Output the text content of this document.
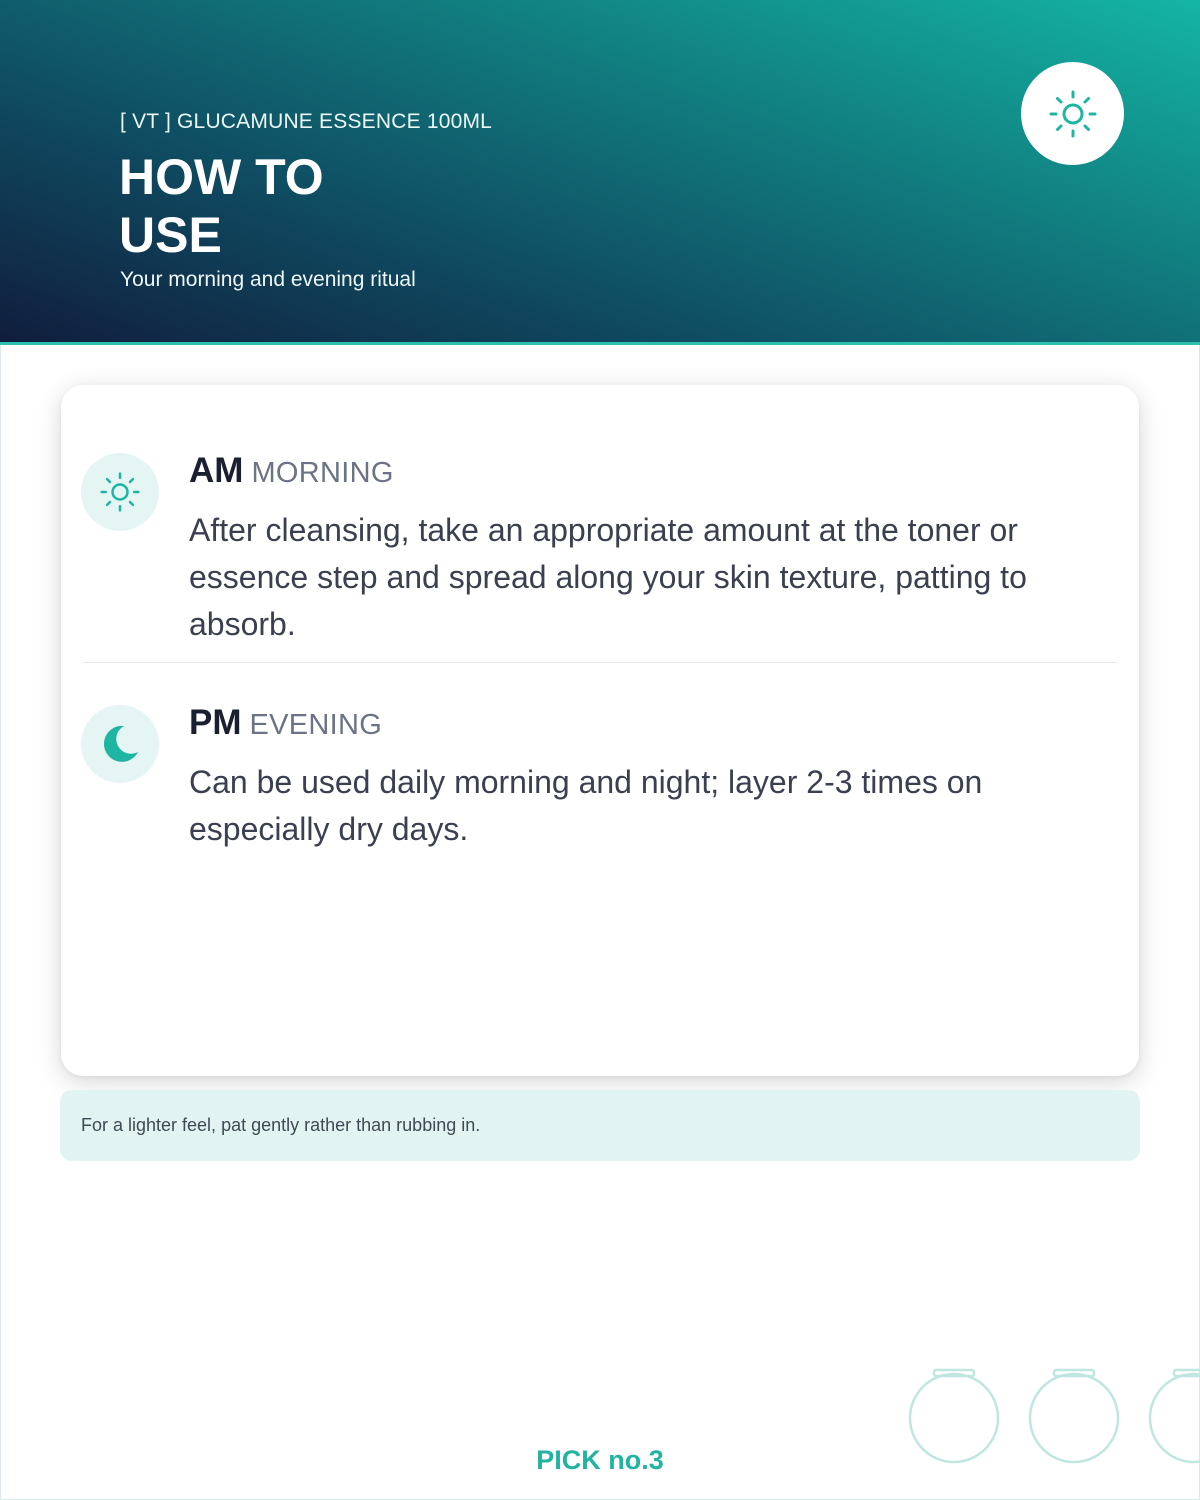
[ VT ] GLUCAMUNE ESSENCE 100ML
HOW TO USE
Your morning and evening ritual
AM MORNING

After cleansing, take an appropriate amount at the toner or essence step and spread along your skin texture, patting to absorb.

PM EVENING

Can be used daily morning and night; layer 2-3 times on especially dry days.

For a lighter feel, pat gently rather than rubbing in.
PICK no.3
